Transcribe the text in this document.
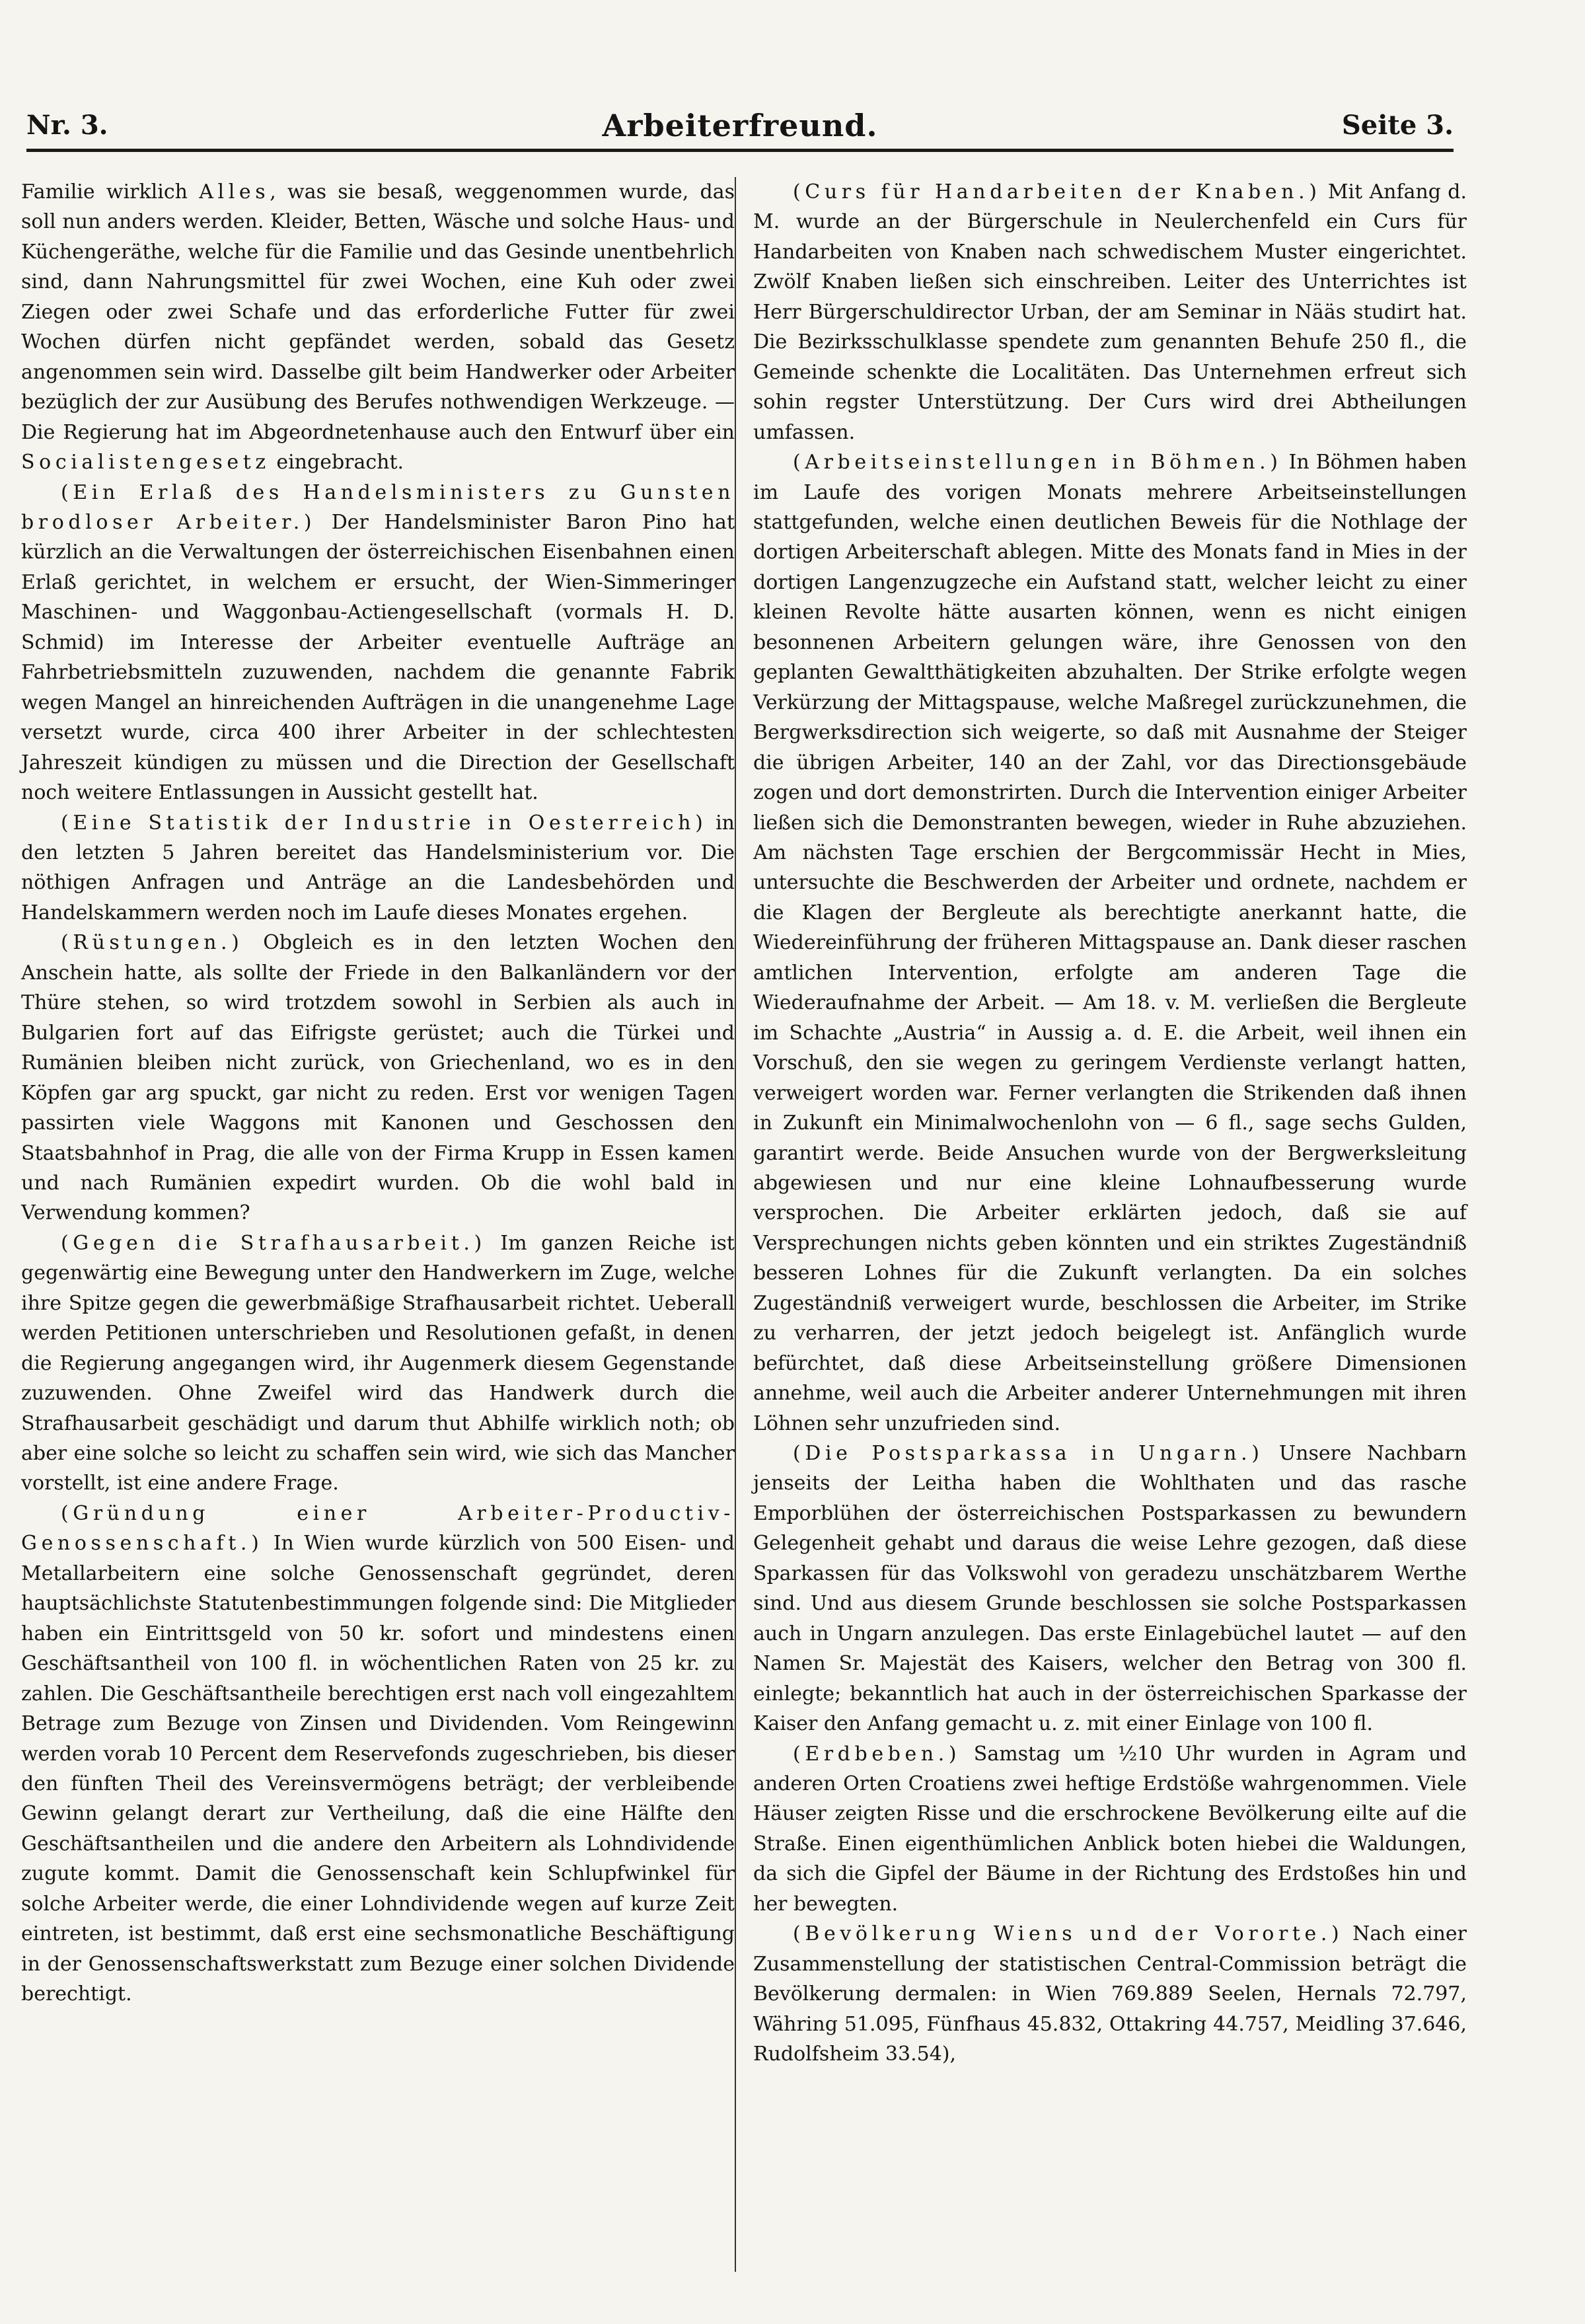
Nr. 3.	Arbeiterfreund.	Seite 3.

Familie wirklich Alles, was sie besaß, weggenommen wurde, das soll nun anders werden. Kleider, Betten, Wäsche und solche Haus- und Küchengeräthe, welche für die Familie und das Gesinde unentbehrlich sind, dann Nahrungsmittel für zwei Wochen, eine Kuh oder zwei Ziegen oder zwei Schafe und das erforderliche Futter für zwei Wochen dürfen nicht gepfändet werden, sobald das Gesetz angenommen sein wird. Dasselbe gilt beim Handwerker oder Arbeiter bezüglich der zur Ausübung des Berufes nothwendigen Werkzeuge. — Die Regierung hat im Abgeordnetenhause auch den Entwurf über ein Socialistengesetz eingebracht.

(Ein Erlaß des Handelsministers zu Gunsten brodloser Arbeiter.) Der Handelsminister Baron Pino hat kürzlich an die Verwaltungen der österreichischen Eisenbahnen einen Erlaß gerichtet, in welchem er ersucht, der Wien-Simmeringer Maschinen- und Waggonbau-Actiengesellschaft (vormals H. D. Schmid) im Interesse der Arbeiter eventuelle Aufträge an Fahrbetriebsmitteln zuzuwenden, nachdem die genannte Fabrik wegen Mangel an hinreichenden Aufträgen in die unangenehme Lage versetzt wurde, circa 400 ihrer Arbeiter in der schlechtesten Jahreszeit kündigen zu müssen und die Direction der Gesellschaft noch weitere Entlassungen in Aussicht gestellt hat.

(Eine Statistik der Industrie in Oesterreich) in den letzten 5 Jahren bereitet das Handelsministerium vor. Die nöthigen Anfragen und Anträge an die Landesbehörden und Handelskammern werden noch im Laufe dieses Monates ergehen.

(Rüstungen.) Obgleich es in den letzten Wochen den Anschein hatte, als sollte der Friede in den Balkanländern vor der Thüre stehen, so wird trotzdem sowohl in Serbien als auch in Bulgarien fort auf das Eifrigste gerüstet; auch die Türkei und Rumänien bleiben nicht zurück, von Griechenland, wo es in den Köpfen gar arg spuckt, gar nicht zu reden. Erst vor wenigen Tagen passirten viele Waggons mit Kanonen und Geschossen den Staatsbahnhof in Prag, die alle von der Firma Krupp in Essen kamen und nach Rumänien expedirt wurden. Ob die wohl bald in Verwendung kommen?

(Gegen die Strafhausarbeit.) Im ganzen Reiche ist gegenwärtig eine Bewegung unter den Handwerkern im Zuge, welche ihre Spitze gegen die gewerbmäßige Strafhausarbeit richtet. Ueberall werden Petitionen unterschrieben und Resolutionen gefaßt, in denen die Regierung angegangen wird, ihr Augenmerk diesem Gegenstande zuzuwenden. Ohne Zweifel wird das Handwerk durch die Strafhausarbeit geschädigt und darum thut Abhilfe wirklich noth; ob aber eine solche so leicht zu schaffen sein wird, wie sich das Mancher vorstellt, ist eine andere Frage.

(Gründung einer Arbeiter-Productiv-Genossenschaft.) In Wien wurde kürzlich von 500 Eisen- und Metallarbeitern eine solche Genossenschaft gegründet, deren hauptsächlichste Statutenbestimmungen folgende sind: Die Mitglieder haben ein Eintrittsgeld von 50 kr. sofort und mindestens einen Geschäftsantheil von 100 fl. in wöchentlichen Raten von 25 kr. zu zahlen. Die Geschäftsantheile berechtigen erst nach voll eingezahltem Betrage zum Bezuge von Zinsen und Dividenden. Vom Reingewinn werden vorab 10 Percent dem Reservefonds zugeschrieben, bis dieser den fünften Theil des Vereinsvermögens beträgt; der verbleibende Gewinn gelangt derart zur Vertheilung, daß die eine Hälfte den Geschäftsantheilen und die andere den Arbeitern als Lohndividende zugute kommt. Damit die Genossenschaft kein Schlupfwinkel für solche Arbeiter werde, die einer Lohndividende wegen auf kurze Zeit eintreten, ist bestimmt, daß erst eine sechsmonatliche Beschäftigung in der Genossenschaftswerkstatt zum Bezuge einer solchen Dividende berechtigt.

(Curs für Handarbeiten der Knaben.) Mit Anfang d. M. wurde an der Bürgerschule in Neulerchenfeld ein Curs für Handarbeiten von Knaben nach schwedischem Muster eingerichtet. Zwölf Knaben ließen sich einschreiben. Leiter des Unterrichtes ist Herr Bürgerschuldirector Urban, der am Seminar in Nääs studirt hat. Die Bezirksschulklasse spendete zum genannten Behufe 250 fl., die Gemeinde schenkte die Localitäten. Das Unternehmen erfreut sich sohin regster Unterstützung. Der Curs wird drei Abtheilungen umfassen.

(Arbeitseinstellungen in Böhmen.) In Böhmen haben im Laufe des vorigen Monats mehrere Arbeitseinstellungen stattgefunden, welche einen deutlichen Beweis für die Nothlage der dortigen Arbeiterschaft ablegen. Mitte des Monats fand in Mies in der dortigen Langenzugzeche ein Aufstand statt, welcher leicht zu einer kleinen Revolte hätte ausarten können, wenn es nicht einigen besonnenen Arbeitern gelungen wäre, ihre Genossen von den geplanten Gewaltthätigkeiten abzuhalten. Der Strike erfolgte wegen Verkürzung der Mittagspause, welche Maßregel zurückzunehmen, die Bergwerksdirection sich weigerte, so daß mit Ausnahme der Steiger die übrigen Arbeiter, 140 an der Zahl, vor das Directionsgebäude zogen und dort demonstrirten. Durch die Intervention einiger Arbeiter ließen sich die Demonstranten bewegen, wieder in Ruhe abzuziehen. Am nächsten Tage erschien der Bergcommissär Hecht in Mies, untersuchte die Beschwerden der Arbeiter und ordnete, nachdem er die Klagen der Bergleute als berechtigte anerkannt hatte, die Wiedereinführung der früheren Mittagspause an. Dank dieser raschen amtlichen Intervention, erfolgte am anderen Tage die Wiederaufnahme der Arbeit. — Am 18. v. M. verließen die Bergleute im Schachte „Austria“ in Aussig a. d. E. die Arbeit, weil ihnen ein Vorschuß, den sie wegen zu geringem Verdienste verlangt hatten, verweigert worden war. Ferner verlangten die Strikenden daß ihnen in Zukunft ein Minimalwochenlohn von — 6 fl., sage sechs Gulden, garantirt werde. Beide Ansuchen wurde von der Bergwerksleitung abgewiesen und nur eine kleine Lohnaufbesserung wurde versprochen. Die Arbeiter erklärten jedoch, daß sie auf Versprechungen nichts geben könnten und ein striktes Zugeständniß besseren Lohnes für die Zukunft verlangten. Da ein solches Zugeständniß verweigert wurde, beschlossen die Arbeiter, im Strike zu verharren, der jetzt jedoch beigelegt ist. Anfänglich wurde befürchtet, daß diese Arbeitseinstellung größere Dimensionen annehme, weil auch die Arbeiter anderer Unternehmungen mit ihren Löhnen sehr unzufrieden sind.

(Die Postsparkassa in Ungarn.) Unsere Nachbarn jenseits der Leitha haben die Wohlthaten und das rasche Emporblühen der österreichischen Postsparkassen zu bewundern Gelegenheit gehabt und daraus die weise Lehre gezogen, daß diese Sparkassen für das Volkswohl von geradezu unschätzbarem Werthe sind. Und aus diesem Grunde beschlossen sie solche Postsparkassen auch in Ungarn anzulegen. Das erste Einlagebüchel lautet — auf den Namen Sr. Majestät des Kaisers, welcher den Betrag von 300 fl. einlegte; bekanntlich hat auch in der österreichischen Sparkasse der Kaiser den Anfang gemacht u. z. mit einer Einlage von 100 fl.

(Erdbeben.) Samstag um ½10 Uhr wurden in Agram und anderen Orten Croatiens zwei heftige Erdstöße wahrgenommen. Viele Häuser zeigten Risse und die erschrockene Bevölkerung eilte auf die Straße. Einen eigenthümlichen Anblick boten hiebei die Waldungen, da sich die Gipfel der Bäume in der Richtung des Erdstoßes hin und her bewegten.

(Bevölkerung Wiens und der Vororte.) Nach einer Zusammenstellung der statistischen Central-Commission beträgt die Bevölkerung dermalen: in Wien 769.889 Seelen, Hernals 72.797, Währing 51.095, Fünfhaus 45.832, Ottakring 44.757, Meidling 37.646, Rudolfsheim 33.54),
